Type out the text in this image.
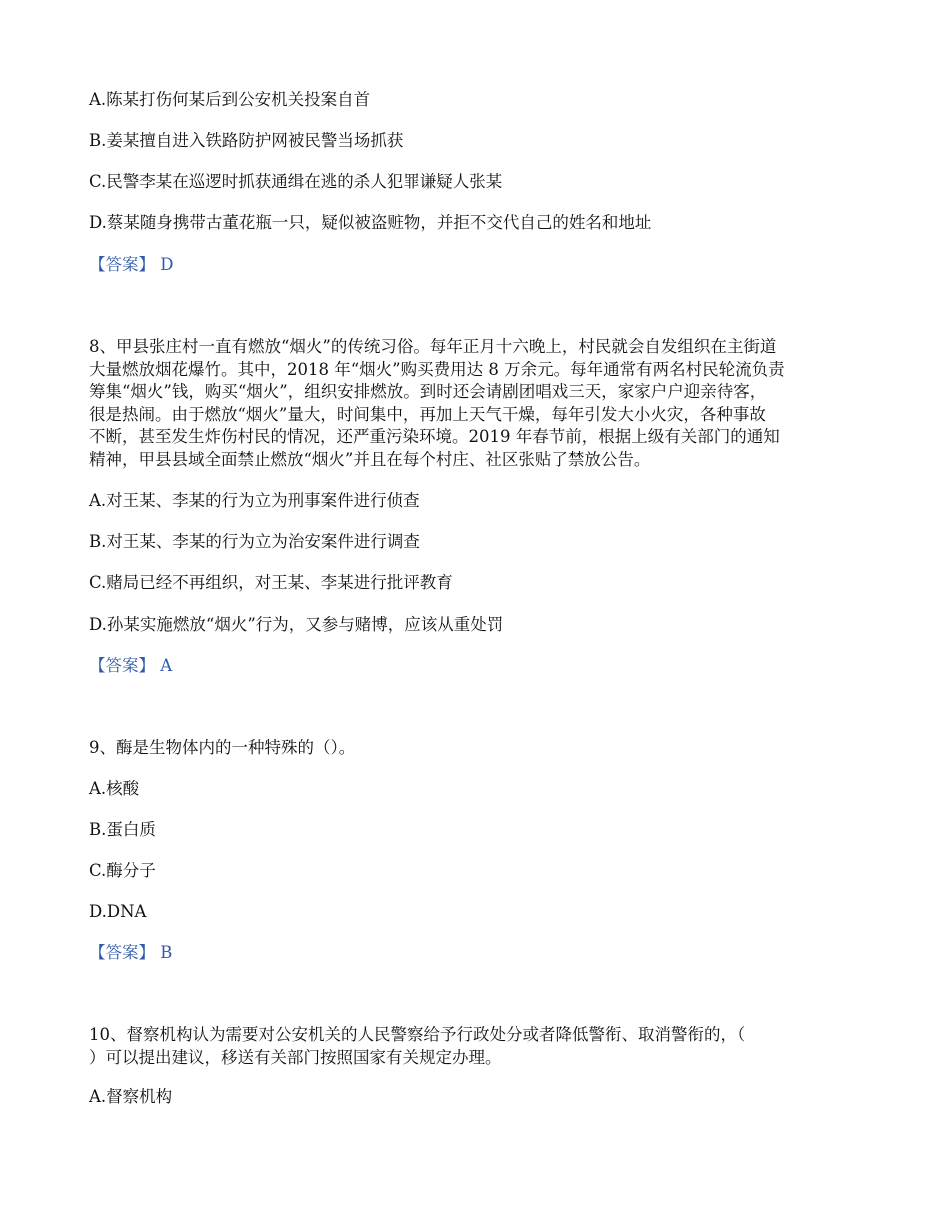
A.陈某打伤何某后到公安机关投案自首
B.姜某擅自进入铁路防护网被民警当场抓获
C.民警李某在巡逻时抓获通缉在逃的杀人犯罪谦疑人张某
D.蔡某随身携带古董花瓶一只，疑似被盗赃物，并拒不交代自己的姓名和地址
【答案】 D
8、甲县张庄村一直有燃放“烟火”的传统习俗。每年正月十六晚上，村民就会自发组织在主街道
大量燃放烟花爆竹。其中，2018 年“烟火”购买费用达 8 万余元。每年通常有两名村民轮流负责
筹集“烟火”钱，购买“烟火”，组织安排燃放。到时还会请剧团唱戏三天，家家户户迎亲待客，
很是热闹。由于燃放“烟火”量大，时间集中，再加上天气干燥，每年引发大小火灾，各种事故
不断，甚至发生炸伤村民的情况，还严重污染环境。2019 年春节前，根据上级有关部门的通知
精神，甲县县域全面禁止燃放“烟火”并且在每个村庄、社区张贴了禁放公告。
A.对王某、李某的行为立为刑事案件进行侦查
B.对王某、李某的行为立为治安案件进行调查
C.赌局已经不再组织，对王某、李某进行批评教育
D.孙某实施燃放“烟火”行为，又参与赌博，应该从重处罚
【答案】 A
9、酶是生物体内的一种特殊的（）。
A.核酸
B.蛋白质
C.酶分子
D.DNA
【答案】 B
10、督察机构认为需要对公安机关的人民警察给予行政处分或者降低警衔、取消警衔的，（
）可以提出建议，移送有关部门按照国家有关规定办理。
A.督察机构
